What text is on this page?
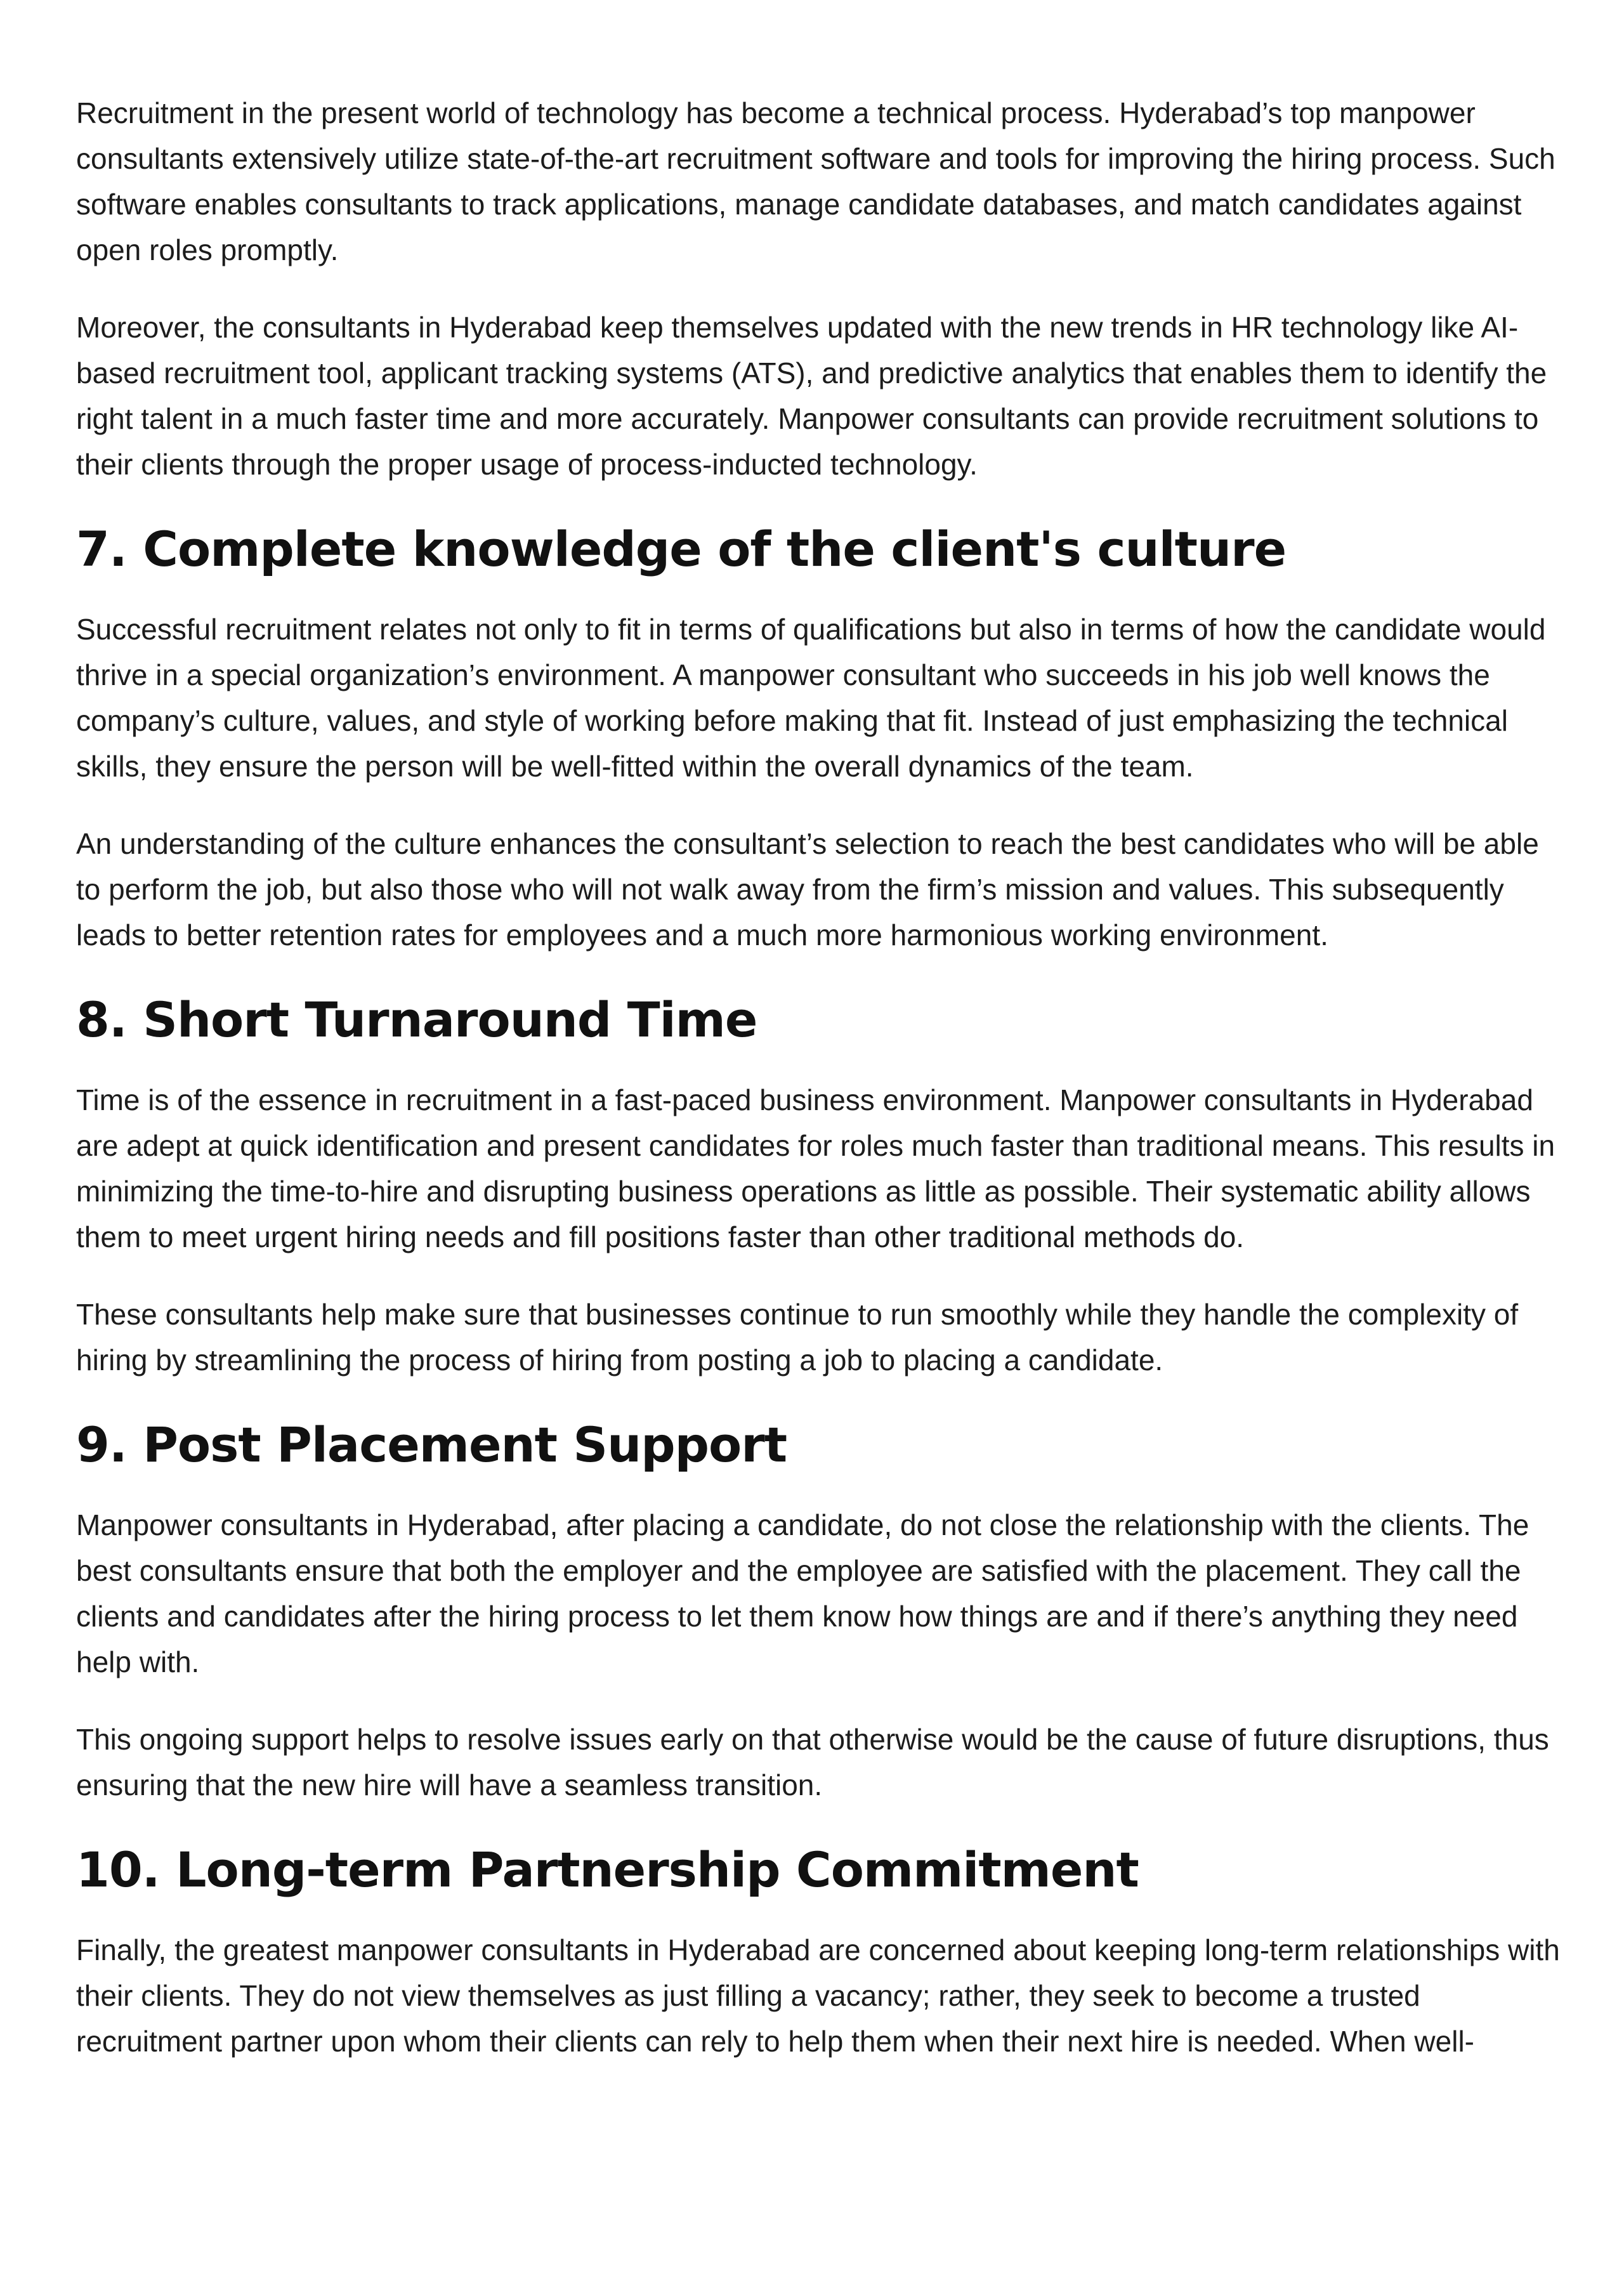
Recruitment in the present world of technology has become a technical process. Hyderabad’s top manpower consultants extensively utilize state-of-the-art recruitment software and tools for improving the hiring process. Such software enables consultants to track applications, manage candidate databases, and match candidates against open roles promptly.

Moreover, the consultants in Hyderabad keep themselves updated with the new trends in HR technology like AI-based recruitment tool, applicant tracking systems (ATS), and predictive analytics that enables them to identify the right talent in a much faster time and more accurately. Manpower consultants can provide recruitment solutions to their clients through the proper usage of process-inducted technology.

7. Complete knowledge of the client's culture

Successful recruitment relates not only to fit in terms of qualifications but also in terms of how the candidate would thrive in a special organization’s environment. A manpower consultant who succeeds in his job well knows the company’s culture, values, and style of working before making that fit. Instead of just emphasizing the technical skills, they ensure the person will be well-fitted within the overall dynamics of the team.

An understanding of the culture enhances the consultant’s selection to reach the best candidates who will be able to perform the job, but also those who will not walk away from the firm’s mission and values. This subsequently leads to better retention rates for employees and a much more harmonious working environment.

8. Short Turnaround Time

Time is of the essence in recruitment in a fast-paced business environment. Manpower consultants in Hyderabad are adept at quick identification and present candidates for roles much faster than traditional means. This results in minimizing the time-to-hire and disrupting business operations as little as possible. Their systematic ability allows them to meet urgent hiring needs and fill positions faster than other traditional methods do.

These consultants help make sure that businesses continue to run smoothly while they handle the complexity of hiring by streamlining the process of hiring from posting a job to placing a candidate.

9. Post Placement Support

Manpower consultants in Hyderabad, after placing a candidate, do not close the relationship with the clients. The best consultants ensure that both the employer and the employee are satisfied with the placement. They call the clients and candidates after the hiring process to let them know how things are and if there’s anything they need help with.

This ongoing support helps to resolve issues early on that otherwise would be the cause of future disruptions, thus ensuring that the new hire will have a seamless transition.

10. Long-term Partnership Commitment

Finally, the greatest manpower consultants in Hyderabad are concerned about keeping long-term relationships with their clients. They do not view themselves as just filling a vacancy; rather, they seek to become a trusted recruitment partner upon whom their clients can rely to help them when their next hire is needed. When well-
